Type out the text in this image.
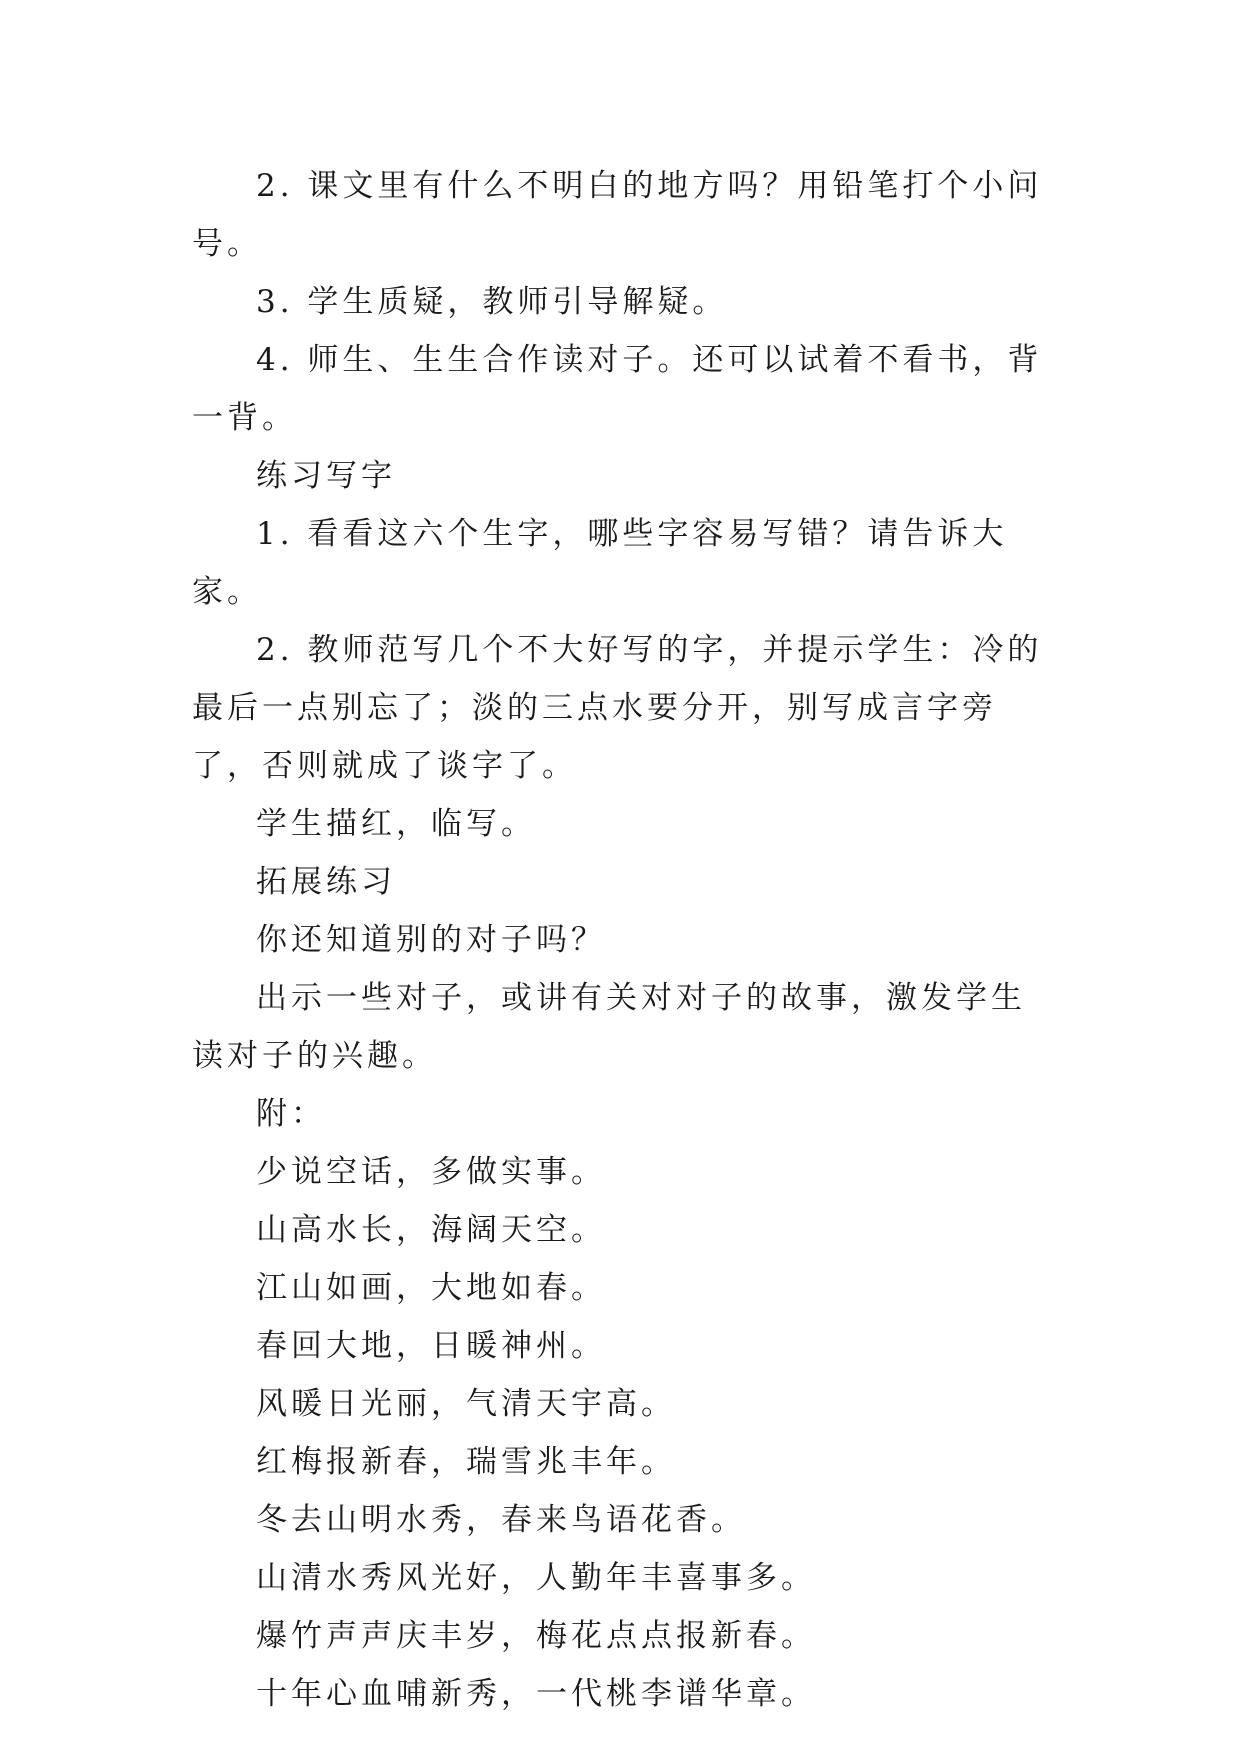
2. 课文里有什么不明白的地方吗？用铅笔打个小问号。

3. 学生质疑，教师引导解疑。

4. 师生、生生合作读对子。还可以试着不看书，背一背。

练习写字

1. 看看这六个生字，哪些字容易写错？请告诉大家。

2. 教师范写几个不大好写的字，并提示学生：冷的最后一点别忘了；淡的三点水要分开，别写成言字旁了，否则就成了谈字了。

学生描红，临写。

拓展练习

你还知道别的对子吗？

出示一些对子，或讲有关对对子的故事，激发学生读对子的兴趣。

附：

少说空话，多做实事。

山高水长，海阔天空。

江山如画，大地如春。

春回大地，日暖神州。

风暖日光丽，气清天宇高。

红梅报新春，瑞雪兆丰年。

冬去山明水秀，春来鸟语花香。

山清水秀风光好，人勤年丰喜事多。

爆竹声声庆丰岁，梅花点点报新春。

十年心血哺新秀，一代桃李谱华章。
